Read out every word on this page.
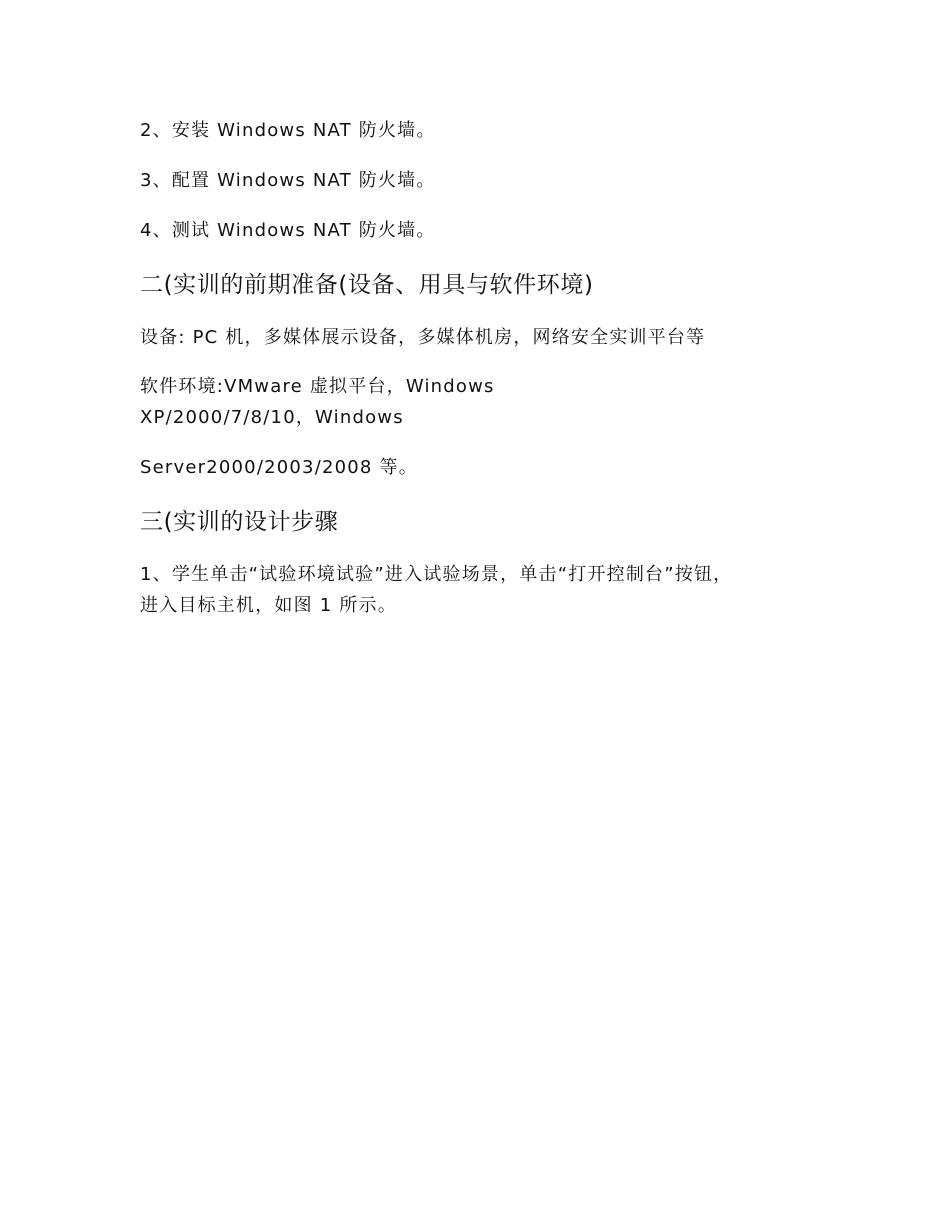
2、安装 Windows NAT 防火墙。
3、配置 Windows NAT 防火墙。
4、测试 Windows NAT 防火墙。
二(实训的前期准备(设备、用具与软件环境)
设备: PC 机，多媒体展示设备，多媒体机房，网络安全实训平台等
软件环境:VMware 虚拟平台，Windows
XP/2000/7/8/10，Windows
Server2000/2003/2008 等。
三(实训的设计步骤
1、学生单击“试验环境试验”进入试验场景，单击“打开控制台”按钮，
进入目标主机，如图 1 所示。
